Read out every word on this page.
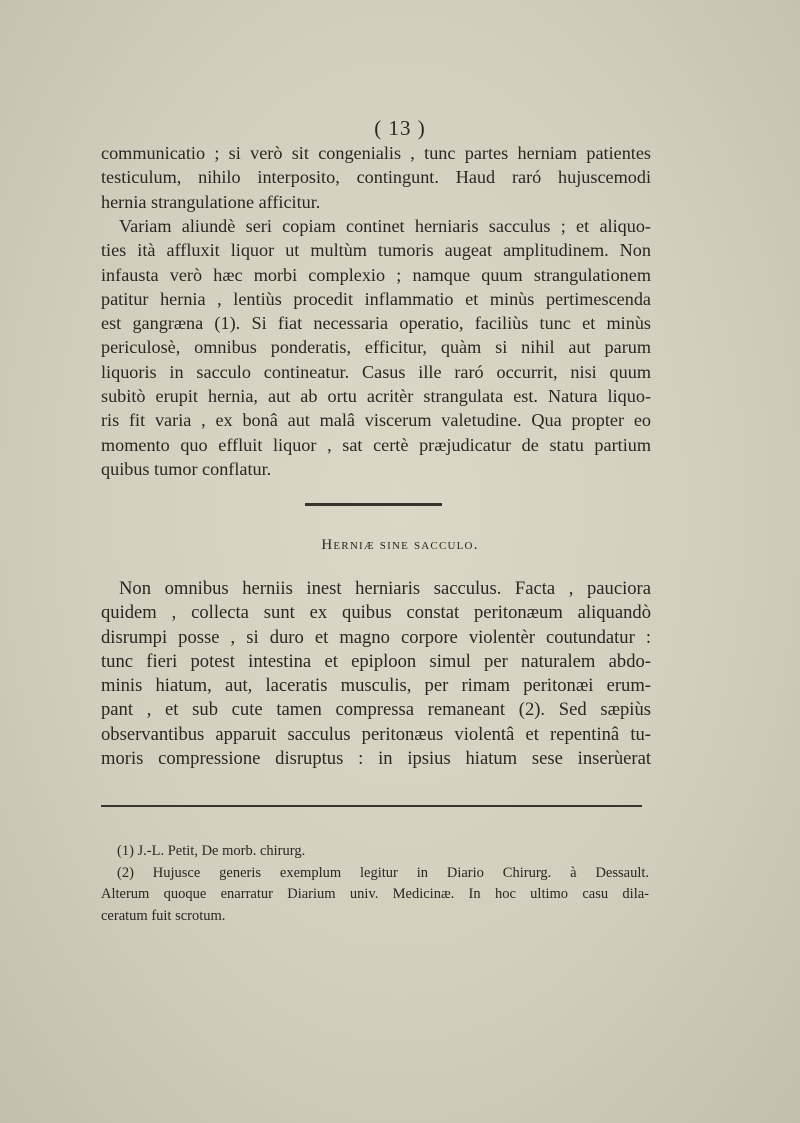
( 13 )
communicatio ; si verò sit congenialis , tunc partes herniam patientes
testiculum, nihilo interposito, contingunt. Haud raró hujuscemodi
hernia strangulatione afficitur.
Variam aliundè seri copiam continet herniaris sacculus ; et aliquo-
ties ità affluxit liquor ut multùm tumoris augeat amplitudinem. Non
infausta verò hæc morbi complexio ; namque quum strangulationem
patitur hernia , lentiùs procedit inflammatio et minùs pertimescenda
est gangræna (1). Si fiat necessaria operatio, faciliùs tunc et minùs
periculosè, omnibus ponderatis, efficitur, quàm si nihil aut parum
liquoris in sacculo contineatur. Casus ille raró occurrit, nisi quum
subitò erupit hernia, aut ab ortu acritèr strangulata est. Natura liquo-
ris fit varia , ex bonâ aut malâ viscerum valetudine. Qua propter eo
momento quo effluit liquor , sat certè præjudicatur de statu partium
quibus tumor conflatur.
Herniæ sine sacculo.
Non omnibus herniis inest herniaris sacculus. Facta , pauciora
quidem , collecta sunt ex quibus constat peritonæum aliquandò
disrumpi posse , si duro et magno corpore violentèr coutundatur :
tunc fieri potest intestina et epiploon simul per naturalem abdo-
minis hiatum, aut, laceratis musculis, per rimam peritonæi erum-
pant , et sub cute tamen compressa remaneant (2). Sed sæpiùs
observantibus apparuit sacculus peritonæus violentâ et repentinâ tu-
moris compressione disruptus : in ipsius hiatum sese inserùerat
(1) J.-L. Petit, De morb. chirurg.
(2) Hujusce generis exemplum legitur in Diario Chirurg. à Dessault.
Alterum quoque enarratur Diarium univ. Medicinæ. In hoc ultimo casu dila-
ceratum fuit scrotum.
